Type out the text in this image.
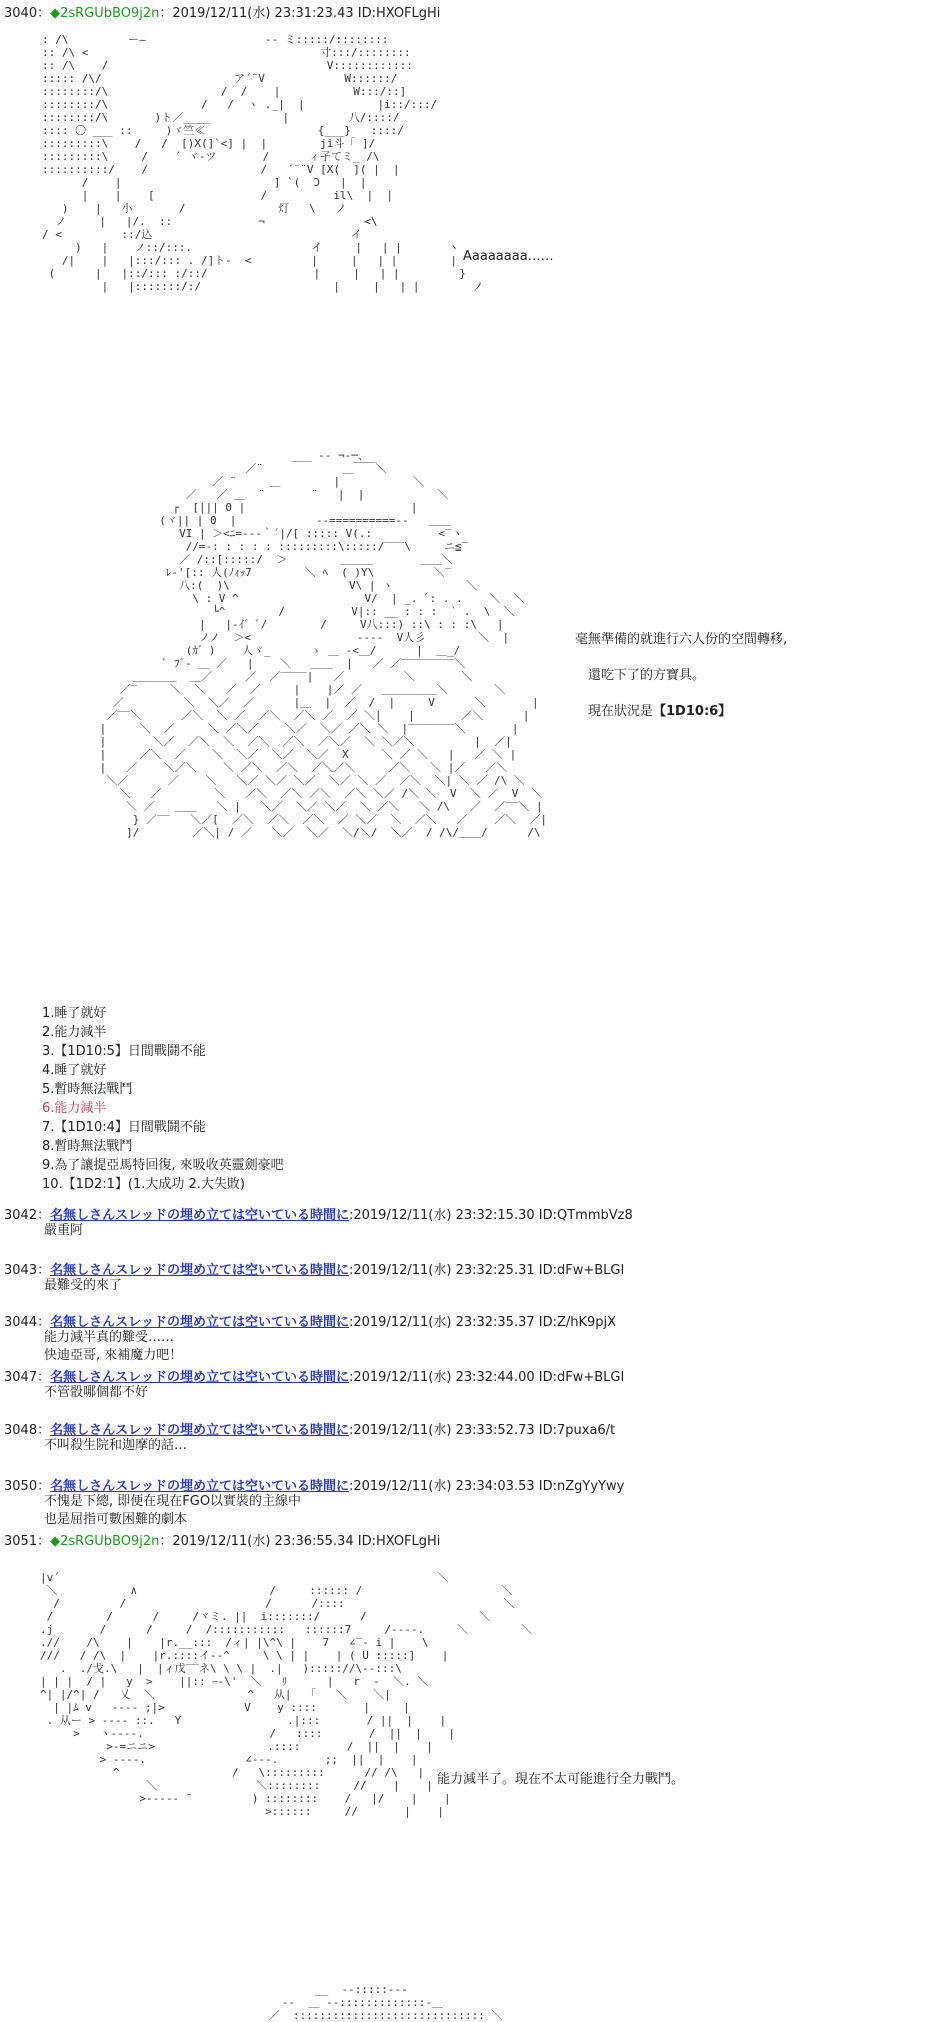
3040：◆2sRGUbBO9j2n：2019/12/11(水) 23:31:23.43 ID:HXOFLgHi
: /\         ー―                  -- ミ:::::/::::::::
:: /\ <                                   寸:::/::::::::
:: /\    /                                 V::::::::::::
::::: /\/                    ア´¨V            W::::::/
::::::::/\                 /  /    |           W:::/::]
::::::::/\              /   /  ヽ ._|  |           |i::/:::/
::::::::/\       )ト／____           |         八/::::/
:::: 〇 ___ ::     )ゞ竺≪                 {___}   ::::/
:::::::::\    /   /  [)X(]`<] |  |        ji斗「 ]/
:::::::::\     /    ´ ヾ‐ツ       /      ィ孑てミ_ /\
::::::::::/    /                 /   ´¨¨V [X(  ]( |  |
/    |                       ] `(  Ɔ   |  |
|    |    [                /          il\  |  |
)    |   小       /              灯   \   ノ
ノ     |   |/.  ::             ¬               <\
/ <         ::/込                              イ
)   |    ノ::/:::.                  イ     |   | |       ヽ
/|    |   |:::/::: . /]ト-  <         |     |   | |        |
(      |   |::/::: :/::/                |     |   | |         }
|   |:::::::/:/                    |     |   | |        ノ
Aaaaaaaa……
___ ‐‐ ¬‐─、
／¨            ＿￣￣＼
／ ¨     ＿        |           ＼
／   ／ ＿  ¨       ¨   |  |           ＼
┌  [||| 0 |                         |
(ヾ|| | 0  |            ‐‐==========‐‐   ＿＿
VI | ＞<ﾆ=‐-‐｀´|/[ ::::: V(.:          <‾ヽ
//=‐: : : : : :::::::::\:::::/‾‾‾\     ニ≦‾
／ /::[:::::/  ＞        ＿＿＿       ＿＿＼
ﾚ‐'[:: 人(ﾉｨｯ7        ＼ ﾍ  ( )Y\         ＼‾
八:(  )\                  V\ | ヽ           ＼
\ : V ^                   V/  | _. ﾞ: . .    ＼  ＼
└^        /          V|:: __ : : :  ` .  \  ＼
|   |‐ｲ゛ﾞ/        /     V八:::) ::\ : : :\   |
ノノ  ＞<                ‐‐‐‐  V人彡        ＼  |
(ｶ゛)    人ゞ_      ゝ ＿ -<＿/      |  ＿_/
ﾞ ﾌﾞ‐ ＿ ／   |    ＼   ＿＿  |   ／ ／‾‾‾‾‾‾‾‾＼
＿＿＿＿  ＿／     ／  ／‾‾‾‾|   ／         ＼       ＼
／‾     ＼  ＼   ／  ／     |    |／ ／   ＿＿＿＿＿＼       ＼
／         ＼  ＼／  ／      |＿  |  ／  /  |     V      ＼       |
／‾‾＼      ／＼  ＼ ／  ／＼  ／＼ ／  ／ ＼|    |       ／＼      |
|     ＼  ／     ＼ ／＼／    ＼／  ＼／ ／＼ ＼  |‾‾‾‾‾‾‾＼       |
|       ＼／  ／＼  ＼  ／＼  ／＼  ／＼／  ＼ ＼／＼         |  ／|
|     ／＼  ／    ＼  ＼／  ＼／  ＼／  X     ＼ ／ ＼   |   ／ ＼ |
|   ／    ＼／＼    ＼ ／＼  ／＼  ／＼／＼     ／＼   ＼ |／   ／＼
＼／      ／    ＼   ＼／ ＼／ ＼／  ＼／ ＼ ／  ／＼  ＼| ＼ ／ /\ ＼
＼   ／        ＼   ／＼  ／＼ ／＼  ／＼ ＼／ /＼ ＼  V  ＼ ／  V  ＼
＼ ／   ＿＿   ＼ |   ＼／  ＼／ ＼／  ＼ ／＼   ＼ /\   ／  ／‾‾＼ |
} ／‾‾   ＼／[  ／＼  ／＼  ／＼  ／ ＼／  ＼  ／＼   ／    ／＼  ／|
]/        ／＼| / ／   ＼／  ＼／  ＼/＼/  ＼／  / /\/＿＿/      /\
毫無準備的就進行六人份的空間轉移,
還吃下了的方寶具。
現在狀況是【1D10:6】
1.睡了就好
2.能力減半
3.【1D10:5】日間戰鬪不能
4.睡了就好
5.暫時無法戰鬥
6.能力減半
7.【1D10:4】日間戰鬪不能
8.暫時無法戰鬥
9.為了讓提亞馬特回復, 來吸收英靈劍豪吧
10.【1D2:1】(1.大成功 2.大失敗)
3042：名無しさんスレッドの埋め立ては空いている時間に:2019/12/11(水) 23:32:15.30 ID:QTmmbVz8
嚴重阿
3043：名無しさんスレッドの埋め立ては空いている時間に:2019/12/11(水) 23:32:25.31 ID:dFw+BLGI
最難受的來了
3044：名無しさんスレッドの埋め立ては空いている時間に:2019/12/11(水) 23:32:35.37 ID:Z/hK9pjX
能力減半真的難受……
快迪亞哥, 來補魔力吧！
3047：名無しさんスレッドの埋め立ては空いている時間に:2019/12/11(水) 23:32:44.00 ID:dFw+BLGI
不管骰哪個都不好
3048：名無しさんスレッドの埋め立ては空いている時間に:2019/12/11(水) 23:33:52.73 ID:7puxa6/t
不叫殺生院和迦摩的話…
3050：名無しさんスレッドの埋め立ては空いている時間に:2019/12/11(水) 23:34:03.53 ID:nZgYyYwy
不愧是下總, 即便在現在FGO以實裝的主線中
也是屈指可數困難的劇本
3051：◆2sRGUbBO9j2n：2019/12/11(水) 23:36:55.34 ID:HXOFLgHi
|v´                                                         ＼
＼           ∧                    /     :::::: /                     ＼
/         /                     /      /::::                        ＼
/        /      /     /ヾミ. ||  i:::::::/      /                 ＼
.j       /      /     /  /:::::::::::   ::::::7     /‐‐‐‐.     ＼        ＼
.//    /\    |    |r.__:::  /ィ| |\^\ |    7   ∠‾‐ i |    \
///   / /\  |    |r.::::イ‐‐^     \ \ | |    | ( U :::::]    |
.  ./戈.\   |  |ィ戊‾‾ネ\ \ \ |  .|   )::::://\‐‐:::\
| | |  / |   y  >    ||:: ｰ‐\'  ＼   ﾘ      |   r  ‐  ＼. ＼
^| |/^| /   乂  ＼              ^   从|  「   ＼    ＼|
| |ﾑ v   ‐‐‐‐ ;|>            V    y ::::       |     |
. 从ー > ‐‐‐‐ ::.   Y                .|:::       / ||  |    |
>   ヽ‐‐‐‐.                   /   ::::       /  ||  |    |
>‐=ニニ>                 .::::       /  ||  |    |
> ‐‐‐‐.               ∠‐‐‐.       ;;  ||  |    |
^                 /   \:::::::::      // /\   |
＼               ＼::::::::     //    |    |
>‐‐‐‐‐ ¨         ) ::::::::    /   |/    |    |
>::::::     //       |    |
能力減半了。現在不太可能進行全力戰鬥。
__  ‐‐:::::‐‐‐
‐‐  ＿ ‐‐:::::::::::::‐＿
／  ::::::::::::::::::::::::::::: ＼
